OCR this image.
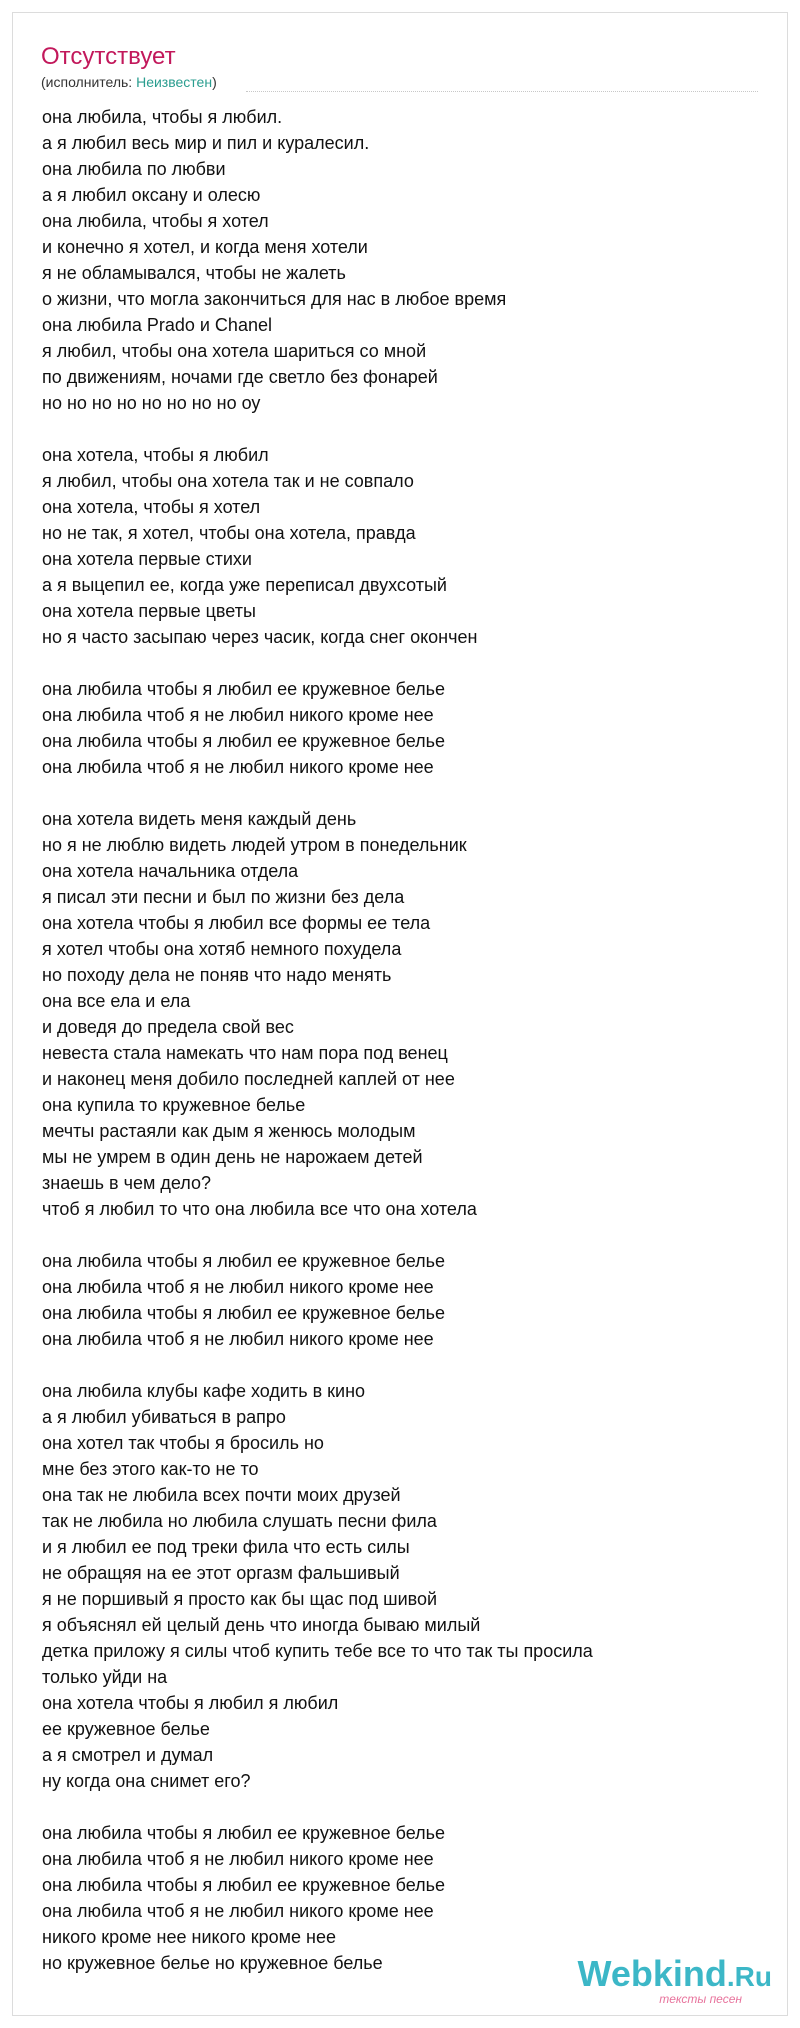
Отсутствует
(исполнитель: Неизвестен)
она любила, чтобы я любил.
а я любил весь мир и пил и куралесил.
она любила по любви
а я любил оксану и олесю
она любила, чтобы я хотел
и конечно я хотел, и когда меня хотели
я не обламывался, чтобы не жалеть
о жизни, что могла закончиться для нас в любое время
она любила Prado и Chanel
я любил, чтобы она хотела шариться со мной
по движениям, ночами где светло без фонарей
но но но но но но но но оу
она хотела, чтобы я любил
я любил, чтобы она хотела так и не совпало
она хотела, чтобы я хотел
но не так, я хотел, чтобы она хотела, правда
она хотела первые стихи
а я выцепил ее, когда уже переписал двухсотый
она хотела первые цветы
но я часто засыпаю через часик, когда снег окончен
она любила чтобы я любил ее кружевное белье
она любила чтоб я не любил никого кроме нее
она любила чтобы я любил ее кружевное белье
она любила чтоб я не любил никого кроме нее
она хотела видеть меня каждый день
но я не люблю видеть людей утром в понедельник
она хотела начальника отдела
я писал эти песни и был по жизни без дела
она хотела чтобы я любил все формы ее тела
я хотел чтобы она хотяб немного похудела
но походу дела не поняв что надо менять
она все ела и ела
и доведя до предела свой вес
невеста стала намекать что нам пора под венец
и наконец меня добило последней каплей от нее
она купила то кружевное белье
мечты растаяли как дым я женюсь молодым
мы не умрем в один день не нарожаем детей
знаешь в чем дело?
чтоб я любил то что она любила все что она хотела
она любила чтобы я любил ее кружевное белье
она любила чтоб я не любил никого кроме нее
она любила чтобы я любил ее кружевное белье
она любила чтоб я не любил никого кроме нее
она любила клубы кафе ходить в кино
а я любил убиваться в рапро
она хотел так чтобы я бросиль но
мне без этого как-то не то
она так не любила всех почти моих друзей
так не любила но любила слушать песни фила
и я любил ее под треки фила что есть силы
не обращяя на ее этот оргазм фальшивый
я не поршивый я просто как бы щас под шивой
я объяснял ей целый день что иногда бываю милый
детка приложу я силы чтоб купить тебе все то что так ты просила
только уйди на
она хотела чтобы я любил я любил
ее кружевное белье
а я смотрел и думал
ну когда она снимет его?
она любила чтобы я любил ее кружевное белье
она любила чтоб я не любил никого кроме нее
она любила чтобы я любил ее кружевное белье
она любила чтоб я не любил никого кроме нее
никого кроме нее никого кроме нее
но кружевное белье но кружевное белье	Webkind.Ru
тексты песен
